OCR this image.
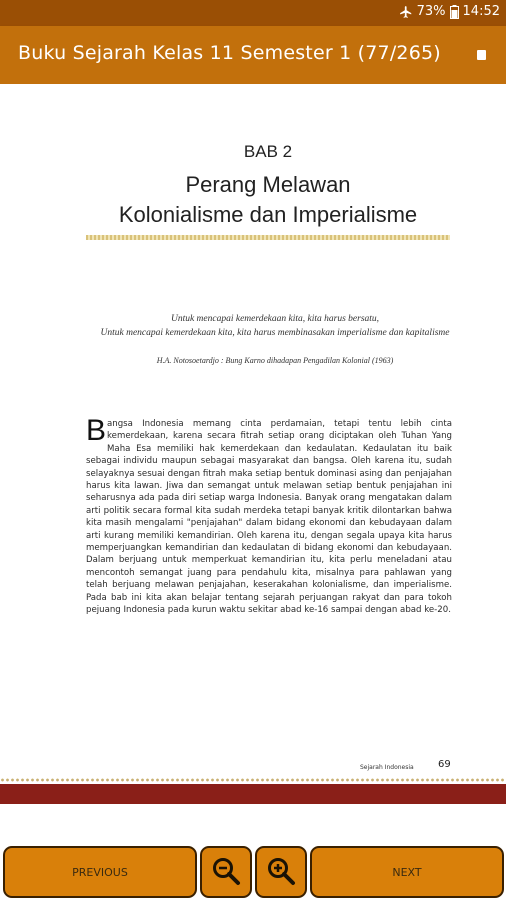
73% 14:52
Buku Sejarah Kelas 11 Semester 1 (77/265)
BAB 2
Perang Melawan
Kolonialisme dan Imperialisme
Untuk mencapai kemerdekaan kita, kita harus bersatu,
Untuk mencapai kemerdekaan kita, kita harus membinasakan imperialisme dan kapitalisme
H.A. Notosoetardjo : Bung Karno dihadapan Pengadilan Kolonial (1963)
B angsa Indonesia memang cinta perdamaian, tetapi tentu lebih cinta kemerdekaan, karena secara fitrah setiap orang diciptakan oleh Tuhan Yang Maha Esa memiliki hak kemerdekaan dan kedaulatan. Kedaulatan itu baik sebagai individu maupun sebagai masyarakat dan bangsa. Oleh karena itu, sudah selayaknya sesuai dengan fitrah maka setiap bentuk dominasi asing dan penjajahan harus kita lawan. Jiwa dan semangat untuk melawan setiap bentuk penjajahan ini seharusnya ada pada diri setiap warga Indonesia. Banyak orang mengatakan dalam arti politik secara formal kita sudah merdeka tetapi banyak kritik dilontarkan bahwa kita masih mengalami "penjajahan" dalam bidang ekonomi dan kebudayaan dalam arti kurang memiliki kemandirian. Oleh karena itu, dengan segala upaya kita harus memperjuangkan kemandirian dan kedaulatan di bidang ekonomi dan kebudayaan. Dalam berjuang untuk memperkuat kemandirian itu, kita perlu meneladani atau mencontoh semangat juang para pendahulu kita, misalnya para pahlawan yang telah berjuang melawan penjajahan, keserakahan kolonialisme, dan imperialisme. Pada bab ini kita akan belajar tentang sejarah perjuangan rakyat dan para tokoh pejuang Indonesia pada kurun waktu sekitar abad ke-16 sampai dengan abad ke-20.
Sejarah Indonesia 69
PREVIOUS	NEXT
